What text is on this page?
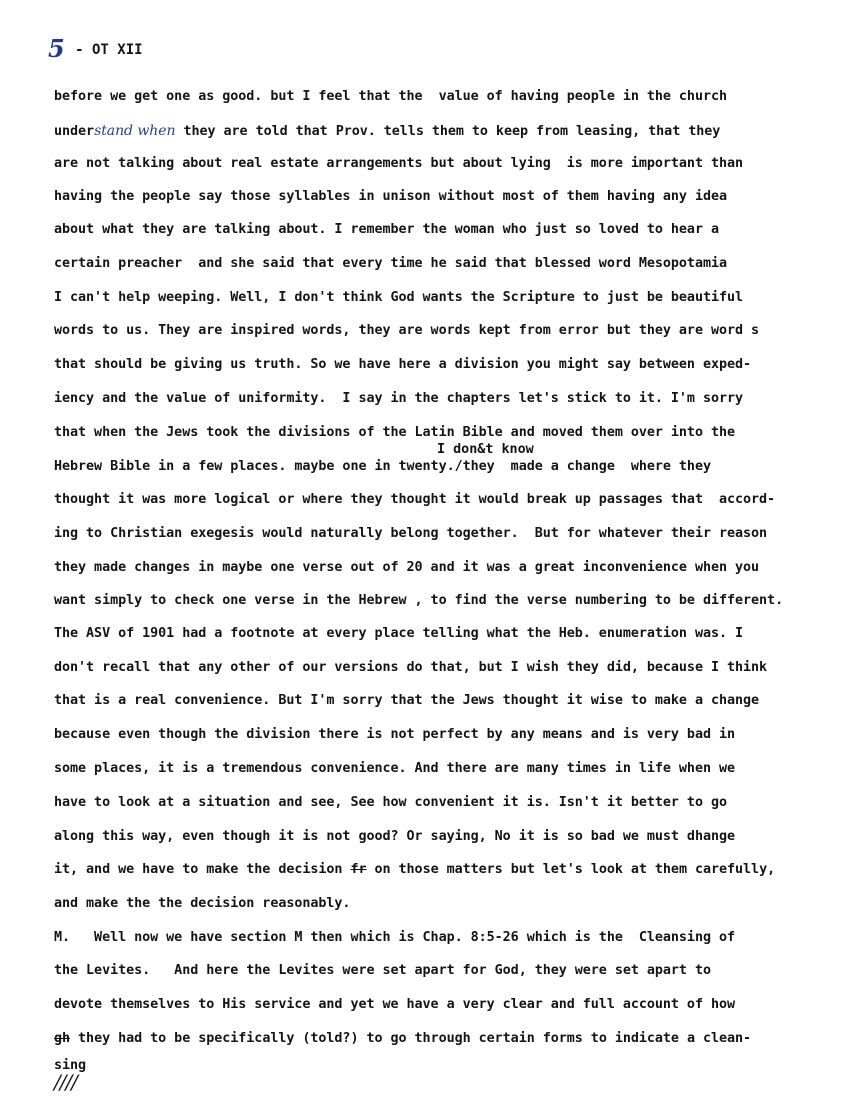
5 - OT XII
before we get one as good. but I feel that the  value of having people in the church
understand when they are told that Prov. tells them to keep from leasing, that they
are not talking about real estate arrangements but about lying  is more important than
having the people say those syllables in unison without most of them having any idea
about what they are talking about. I remember the woman who just so loved to hear a
certain preacher  and she said that every time he said that blessed word Mesopotamia
I can't help weeping. Well, I don't think God wants the Scripture to just be beautiful
words to us. They are inspired words, they are words kept from error but they are word s
that should be giving us truth. So we have here a division you might say between exped-
iency and the value of uniformity.  I say in the chapters let's stick to it. I'm sorry
that when the Jews took the divisions of the Latin Bible and moved them over into the
I don&t know
Hebrew Bible in a few places. maybe one in twenty./they  made a change  where they
thought it was more logical or where they thought it would break up passages that  accord-
ing to Christian exegesis would naturally belong together.  But for whatever their reason
they made changes in maybe one verse out of 20 and it was a great inconvenience when you
want simply to check one verse in the Hebrew , to find the verse numbering to be different.
The ASV of 1901 had a footnote at every place telling what the Heb. enumeration was. I
don't recall that any other of our versions do that, but I wish they did, because I think
that is a real convenience. But I'm sorry that the Jews thought it wise to make a change
because even though the division there is not perfect by any means and is very bad in
some places, it is a tremendous convenience. And there are many times in life when we
have to look at a situation and see, See how convenient it is. Isn't it better to go
along this way, even though it is not good? Or saying, No it is so bad we must dhange
it, and we have to make the decision fr on those matters but let's look at them carefully,
and make the the decision reasonably.
M.   Well now we have section M then which is Chap. 8:5-26 which is the  Cleansing of
the Levites.   And here the Levites were set apart for God, they were set apart to
devote themselves to His service and yet we have a very clear and full account of how
gh they had to be specifically (told?) to go through certain forms to indicate a clean-
sing
////
